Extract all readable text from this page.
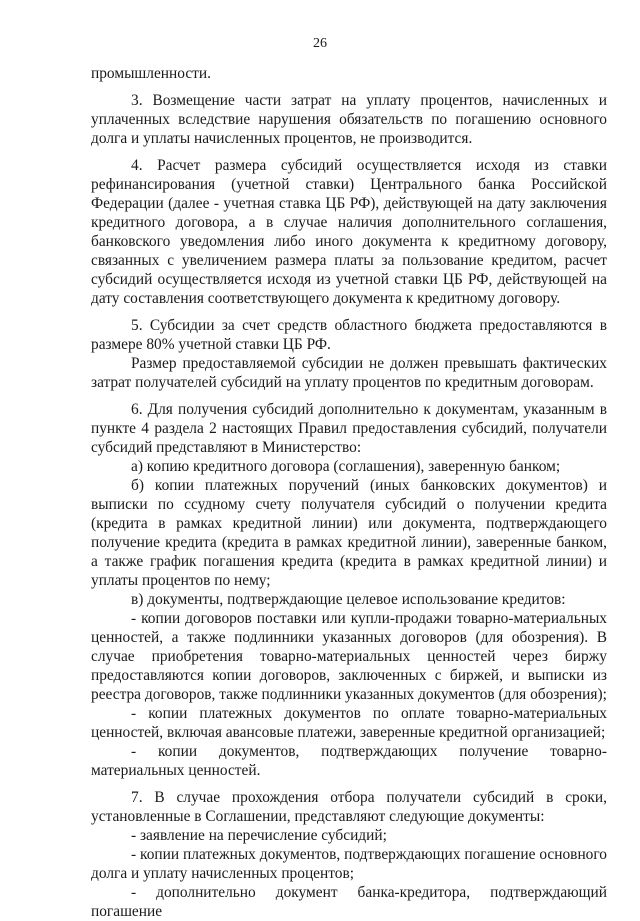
26

промышленности.

3. Возмещение части затрат на уплату процентов, начисленных и уплаченных вследствие нарушения обязательств по погашению основного долга и уплаты начисленных процентов, не производится.

4. Расчет размера субсидий осуществляется исходя из ставки рефинансирования (учетной ставки) Центрального банка Российской Федерации (далее - учетная ставка ЦБ РФ), действующей на дату заключения кредитного договора, а в случае наличия дополнительного соглашения, банковского уведомления либо иного документа к кредитному договору, связанных с увеличением размера платы за пользование кредитом, расчет субсидий осуществляется исходя из учетной ставки ЦБ РФ, действующей на дату составления соответствующего документа к кредитному договору.

5. Субсидии за счет средств областного бюджета предоставляются в размере 80% учетной ставки ЦБ РФ.

Размер предоставляемой субсидии не должен превышать фактических затрат получателей субсидий на уплату процентов по кредитным договорам.

6. Для получения субсидий дополнительно к документам, указанным в пункте 4 раздела 2 настоящих Правил предоставления субсидий, получатели субсидий представляют в Министерство:

а) копию кредитного договора (соглашения), заверенную банком;

б) копии платежных поручений (иных банковских документов) и выписки по ссудному счету получателя субсидий о получении кредита (кредита в рамках кредитной линии) или документа, подтверждающего получение кредита (кредита в рамках кредитной линии), заверенные банком, а также график погашения кредита (кредита в рамках кредитной линии) и уплаты процентов по нему;

в) документы, подтверждающие целевое использование кредитов:

- копии договоров поставки или купли-продажи товарно-материальных ценностей, а также подлинники указанных договоров (для обозрения). В случае приобретения товарно-материальных ценностей через биржу предоставляются копии договоров, заключенных с биржей, и выписки из реестра договоров, также подлинники указанных документов (для обозрения);

- копии платежных документов по оплате товарно-материальных ценностей, включая авансовые платежи, заверенные кредитной организацией;

- копии документов, подтверждающих получение товарно-материальных ценностей.

7. В случае прохождения отбора получатели субсидий в сроки, установленные в Соглашении, представляют следующие документы:

- заявление на перечисление субсидий;

- копии платежных документов, подтверждающих погашение основного долга и уплату начисленных процентов;

- дополнительно документ банка-кредитора, подтверждающий погашение
